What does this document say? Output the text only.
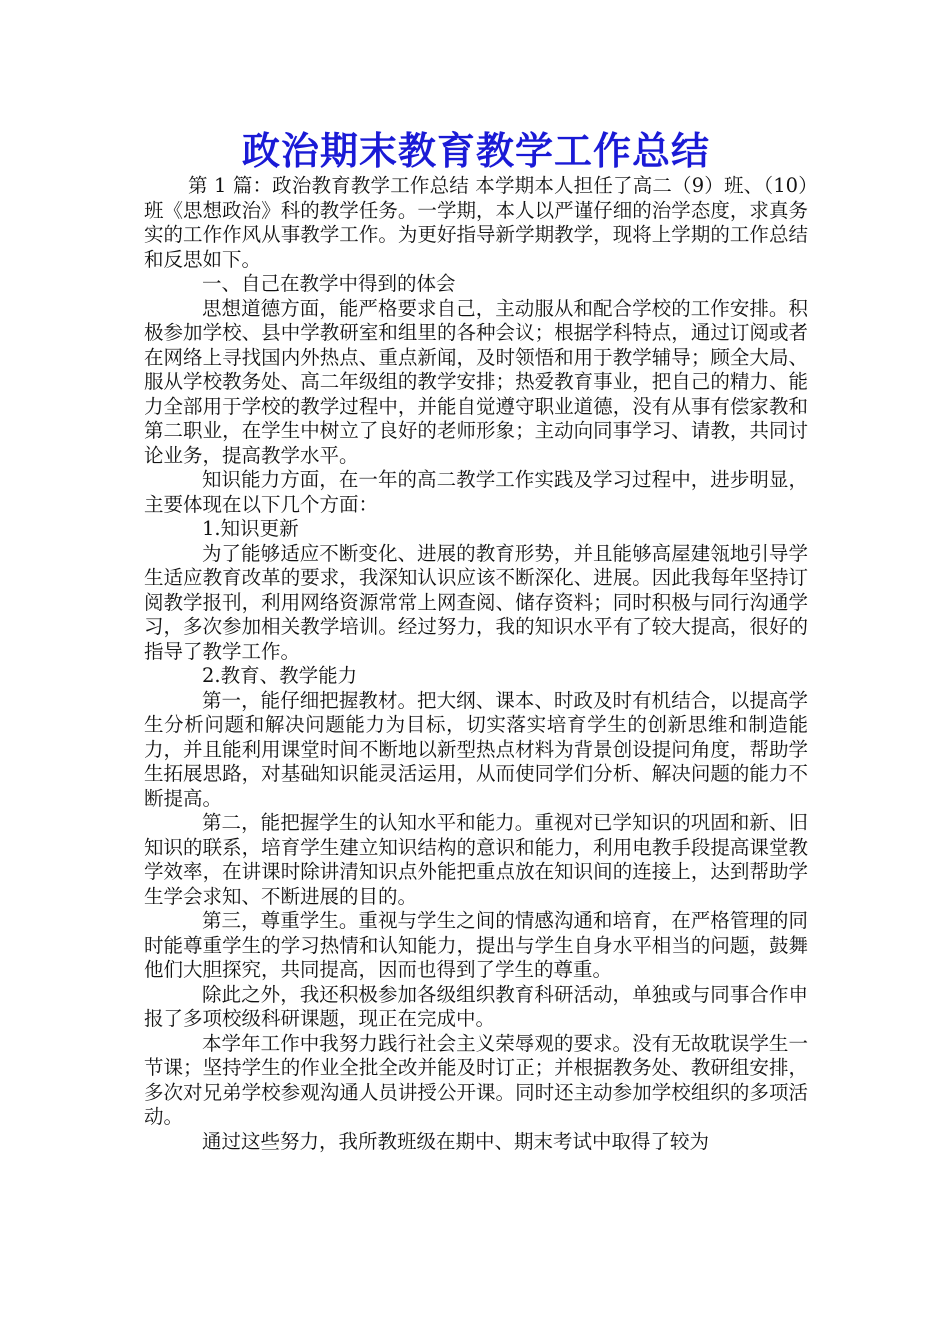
政治期末教育教学工作总结

第 1 篇：政治教育教学工作总结 本学期本人担任了高二（9）班、（10）班《思想政治》科的教学任务。一学期，本人以严谨仔细的治学态度，求真务实的工作作风从事教学工作。为更好指导新学期教学，现将上学期的工作总结和反思如下。

一、自己在教学中得到的体会

思想道德方面，能严格要求自己，主动服从和配合学校的工作安排。积极参加学校、县中学教研室和组里的各种会议；根据学科特点，通过订阅或者在网络上寻找国内外热点、重点新闻，及时领悟和用于教学辅导；顾全大局、服从学校教务处、高二年级组的教学安排；热爱教育事业，把自己的精力、能力全部用于学校的教学过程中，并能自觉遵守职业道德，没有从事有偿家教和第二职业，在学生中树立了良好的老师形象；主动向同事学习、请教，共同讨论业务，提高教学水平。

知识能力方面，在一年的高二教学工作实践及学习过程中，进步明显，主要体现在以下几个方面：

1.知识更新

为了能够适应不断变化、进展的教育形势，并且能够高屋建瓴地引导学生适应教育改革的要求，我深知认识应该不断深化、进展。因此我每年坚持订阅教学报刊，利用网络资源常常上网查阅、储存资料；同时积极与同行沟通学习，多次参加相关教学培训。经过努力，我的知识水平有了较大提高，很好的指导了教学工作。

2.教育、教学能力

第一，能仔细把握教材。把大纲、课本、时政及时有机结合，以提高学生分析问题和解决问题能力为目标，切实落实培育学生的创新思维和制造能力，并且能利用课堂时间不断地以新型热点材料为背景创设提问角度，帮助学生拓展思路，对基础知识能灵活运用，从而使同学们分析、解决问题的能力不断提高。

第二，能把握学生的认知水平和能力。重视对已学知识的巩固和新、旧知识的联系，培育学生建立知识结构的意识和能力，利用电教手段提高课堂教学效率，在讲课时除讲清知识点外能把重点放在知识间的连接上，达到帮助学生学会求知、不断进展的目的。

第三，尊重学生。重视与学生之间的情感沟通和培育，在严格管理的同时能尊重学生的学习热情和认知能力，提出与学生自身水平相当的问题，鼓舞他们大胆探究，共同提高，因而也得到了学生的尊重。

除此之外，我还积极参加各级组织教育科研活动，单独或与同事合作申报了多项校级科研课题，现正在完成中。

本学年工作中我努力践行社会主义荣辱观的要求。没有无故耽误学生一节课；坚持学生的作业全批全改并能及时订正；并根据教务处、教研组安排，多次对兄弟学校参观沟通人员讲授公开课。同时还主动参加学校组织的多项活动。

通过这些努力，我所教班级在期中、期末考试中取得了较为
